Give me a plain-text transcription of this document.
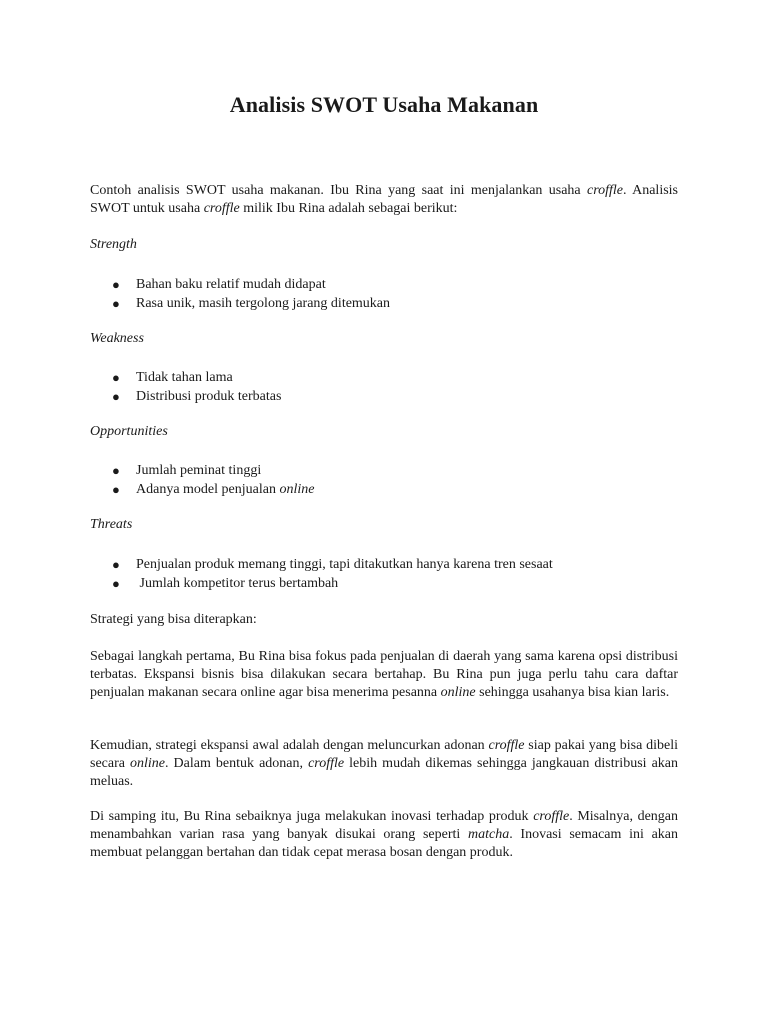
Analisis SWOT Usaha Makanan
Contoh analisis SWOT usaha makanan. Ibu Rina yang saat ini menjalankan usaha croffle. Analisis SWOT untuk usaha croffle milik Ibu Rina adalah sebagai berikut:
Strength
● Bahan baku relatif mudah didapat
● Rasa unik, masih tergolong jarang ditemukan
Weakness
● Tidak tahan lama
● Distribusi produk terbatas
Opportunities
● Jumlah peminat tinggi
● Adanya model penjualan online
Threats
● Penjualan produk memang tinggi, tapi ditakutkan hanya karena tren sesaat
● Jumlah kompetitor terus bertambah
Strategi yang bisa diterapkan:
Sebagai langkah pertama, Bu Rina bisa fokus pada penjualan di daerah yang sama karena opsi distribusi terbatas. Ekspansi bisnis bisa dilakukan secara bertahap. Bu Rina pun juga perlu tahu cara daftar penjualan makanan secara online agar bisa menerima pesanna online sehingga usahanya bisa kian laris.
Kemudian, strategi ekspansi awal adalah dengan meluncurkan adonan croffle siap pakai yang bisa dibeli secara online. Dalam bentuk adonan, croffle lebih mudah dikemas sehingga jangkauan distribusi akan meluas.
Di samping itu, Bu Rina sebaiknya juga melakukan inovasi terhadap produk croffle. Misalnya, dengan menambahkan varian rasa yang banyak disukai orang seperti matcha. Inovasi semacam ini akan membuat pelanggan bertahan dan tidak cepat merasa bosan dengan produk.
